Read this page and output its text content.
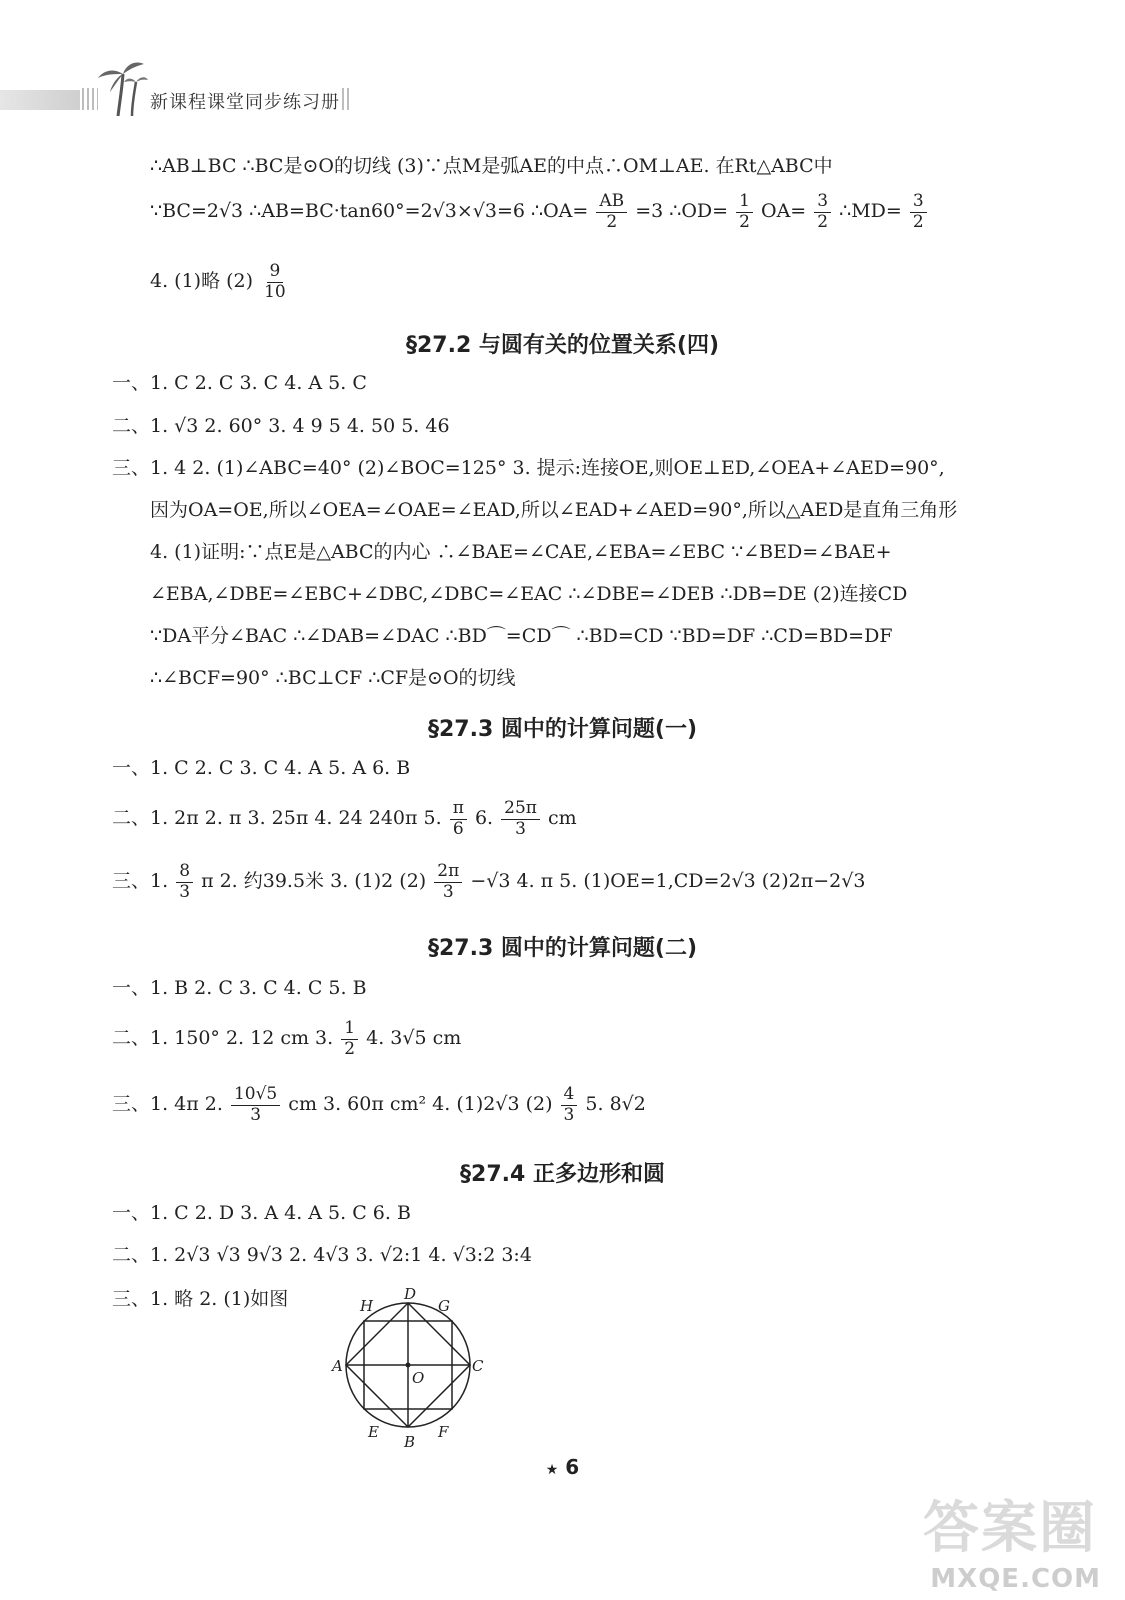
新课程课堂同步练习册
∴AB⊥BC ∴BC是⊙O的切线 (3)∵点M是弧AE的中点∴OM⊥AE. 在Rt△ABC中
∵BC=2√3 ∴AB=BC·tan60°=2√3×√3=6 ∴OA= $\frac{AB}{2} =3$ ∴OD= $\frac{1}{2} OA= \frac{3}{2}$ ∴MD= $\frac{3}{2}$
4. (1)略 $(2) \frac{9}{10}$
§27.2 与圆有关的位置关系(四)
一、1. C 2. C 3. C 4. A 5. C
二、1. √3 2. 60° 3. 4 9 5 4. 50 5. 46
三、1. 4 2. (1)∠ABC=40° (2)∠BOC=125° 3. 提示:连接OE,则OE⊥ED,∠OEA+∠AED=90°,
因为OA=OE,所以∠OEA=∠OAE=∠EAD,所以∠EAD+∠AED=90°,所以△AED是直角三角形
4. (1)证明:∵点E是△ABC的内心 ∴∠BAE=∠CAE,∠EBA=∠EBC ∵∠BED=∠BAE+
∠EBA,∠DBE=∠EBC+∠DBC,∠DBC=∠EAC ∴∠DBE=∠DEB ∴DB=DE (2)连接CD
∵DA平分∠BAC ∴∠DAB=∠DAC ∴BD⌒=CD⌒ ∴BD=CD ∵BD=DF ∴CD=BD=DF
∴∠BCF=90° ∴BC⊥CF ∴CF是⊙O的切线
§27.3 圆中的计算问题(一)
一、1. C 2. C 3. C 4. A 5. A 6. B
二、1. 2π 2. π 3. 25π 4. 24 240π 5. $\frac{\pi}{6} 6$. $\frac{25\pi}{3}$ cm
三、1. $\frac{8}{3}$ π 2. 约39.5米 3. (1)2 $(2) \frac{2\pi}{3} -√3$ 4. π 5. (1)OE=1,CD=2√3 (2)2π−2√3
§27.3 圆中的计算问题(二)
一、1. B 2. C 3. C 4. C 5. B
二、1. 150° 2. 12 cm 3. $\frac{1}{2} 4$. 3√5 cm
三、1. 4π 2. $\frac{10√5}{3}$ cm 3. 60π cm² 4. (1)2√3 $(2) \frac{4}{3} 5$. 8√2
§27.4 正多边形和圆
一、1. C 2. D 3. A 4. A 5. C 6. B
二、1. 2√3 √3 9√3 2. 4√3 3. √2:1 4. √3:2 3:4
三、1. 略 2. (1)如图	D
H	G
A	C
O
E	F
B
★ 6
答案圈
MXQE.COM
